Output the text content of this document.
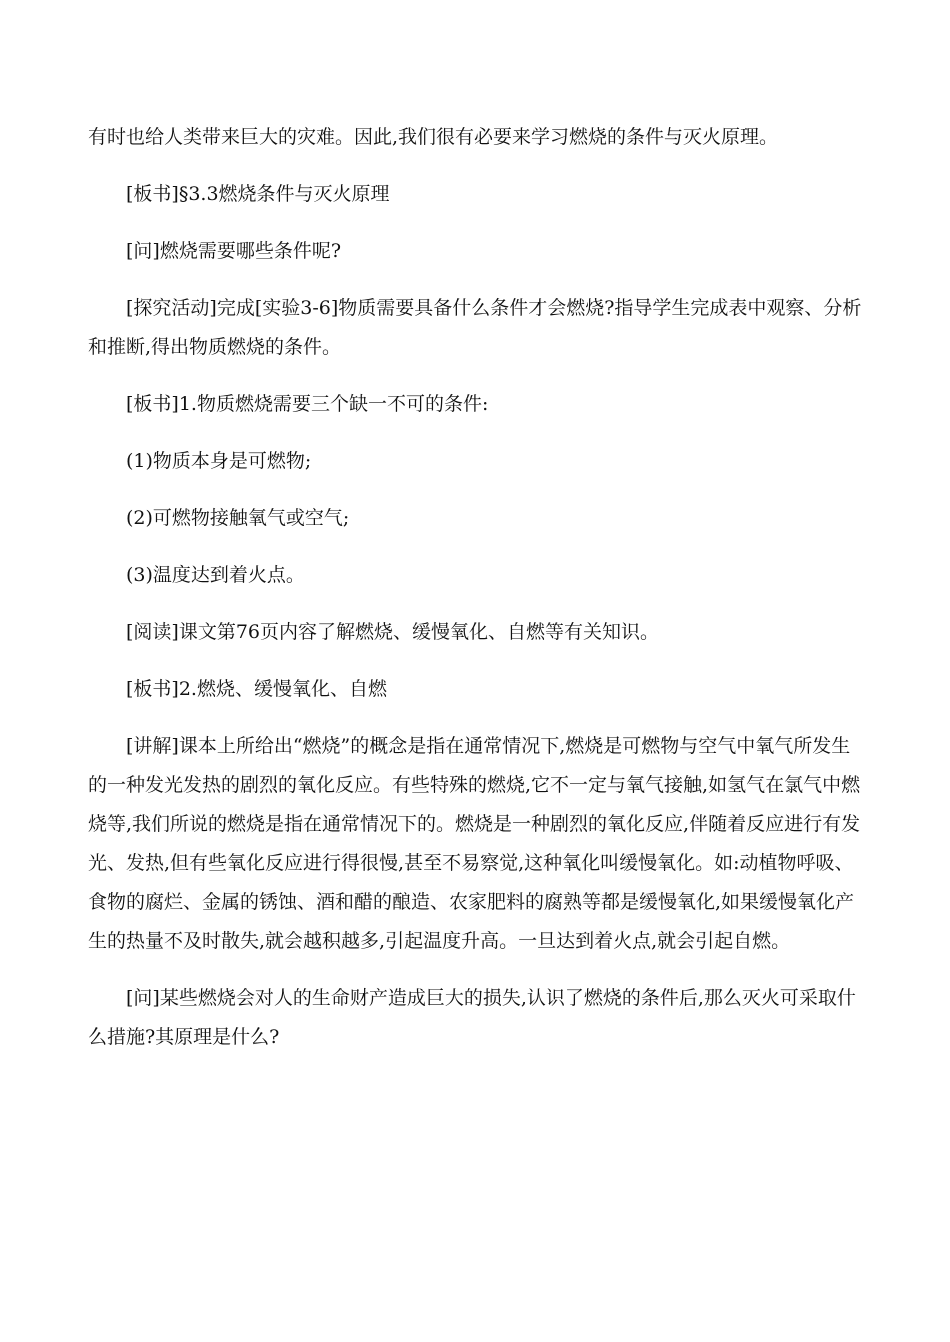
有时也给人类带来巨大的灾难。因此,我们很有必要来学习燃烧的条件与灭火原理。

[板书]§3.3燃烧条件与灭火原理

[问]燃烧需要哪些条件呢?

[探究活动]完成[实验3-6]物质需要具备什么条件才会燃烧?指导学生完成表中观察、分析和推断,得出物质燃烧的条件。

[板书]1.物质燃烧需要三个缺一不可的条件:

(1)物质本身是可燃物;

(2)可燃物接触氧气或空气;

(3)温度达到着火点。

[阅读]课文第76页内容了解燃烧、缓慢氧化、自燃等有关知识。

[板书]2.燃烧、缓慢氧化、自燃

[讲解]课本上所给出“燃烧”的概念是指在通常情况下,燃烧是可燃物与空气中氧气所发生的一种发光发热的剧烈的氧化反应。有些特殊的燃烧,它不一定与氧气接触,如氢气在氯气中燃烧等,我们所说的燃烧是指在通常情况下的。燃烧是一种剧烈的氧化反应,伴随着反应进行有发光、发热,但有些氧化反应进行得很慢,甚至不易察觉,这种氧化叫缓慢氧化。如:动植物呼吸、食物的腐烂、金属的锈蚀、酒和醋的酿造、农家肥料的腐熟等都是缓慢氧化,如果缓慢氧化产生的热量不及时散失,就会越积越多,引起温度升高。一旦达到着火点,就会引起自燃。

[问]某些燃烧会对人的生命财产造成巨大的损失,认识了燃烧的条件后,那么灭火可采取什么措施?其原理是什么?
